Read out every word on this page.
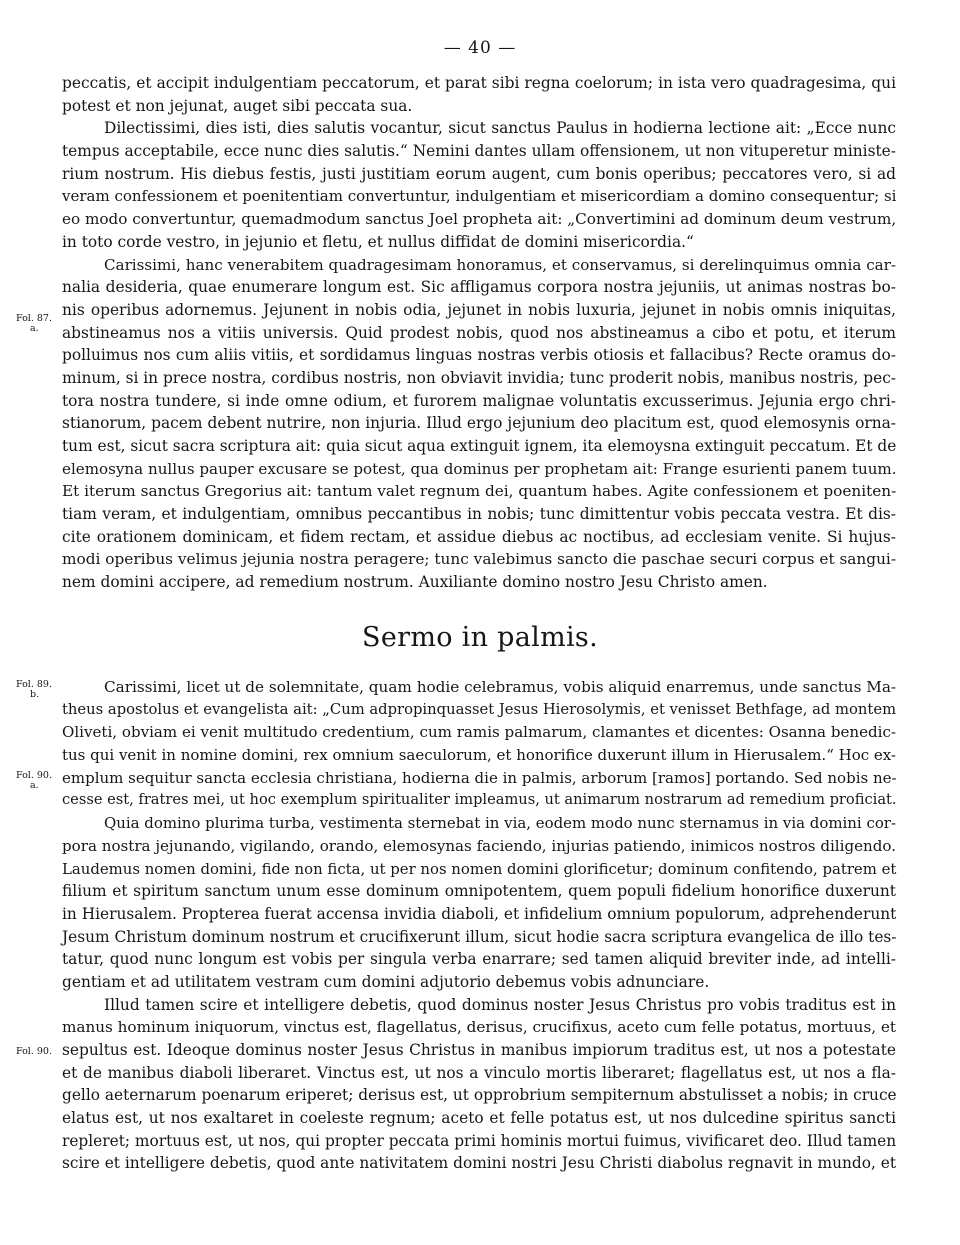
— 40 —
peccatis, et accipit indulgentiam peccatorum, et parat sibi regna coelorum; in ista vero quadragesima, qui
potest et non jejunat, auget sibi peccata sua.
Dilectissimi, dies isti, dies salutis vocantur, sicut sanctus Paulus in hodierna lectione ait: „Ecce nunc
tempus acceptabile, ecce nunc dies salutis.“ Nemini dantes ullam offensionem, ut non vituperetur ministe-
rium nostrum. His diebus festis, justi justitiam eorum augent, cum bonis operibus; peccatores vero, si ad
veram confessionem et poenitentiam convertuntur, indulgentiam et misericordiam a domino consequentur; si
eo modo convertuntur, quemadmodum sanctus Joel propheta ait: „Convertimini ad dominum deum vestrum,
in toto corde vestro, in jejunio et fletu, et nullus diffidat de domini misericordia.“
Carissimi, hanc venerabitem quadragesimam honoramus, et conservamus, si derelinquimus omnia car-
nalia desideria, quae enumerare longum est. Sic affligamus corpora nostra jejuniis, ut animas nostras bo-
nis operibus adornemus. Jejunent in nobis odia, jejunet in nobis luxuria, jejunet in nobis omnis iniquitas,
abstineamus nos a vitiis universis. Quid prodest nobis, quod nos abstineamus a cibo et potu, et iterum
polluimus nos cum aliis vitiis, et sordidamus linguas nostras verbis otiosis et fallacibus? Recte oramus do-
minum, si in prece nostra, cordibus nostris, non obviavit invidia; tunc proderit nobis, manibus nostris, pec-
tora nostra tundere, si inde omne odium, et furorem malignae voluntatis excusserimus. Jejunia ergo chri-
stianorum, pacem debent nutrire, non injuria. Illud ergo jejunium deo placitum est, quod elemosynis orna-
tum est, sicut sacra scriptura ait: quia sicut aqua extinguit ignem, ita elemoysna extinguit peccatum. Et de
elemosyna nullus pauper excusare se potest, qua dominus per prophetam ait: Frange esurienti panem tuum.
Et iterum sanctus Gregorius ait: tantum valet regnum dei, quantum habes. Agite confessionem et poeniten-
tiam veram, et indulgentiam, omnibus peccantibus in nobis; tunc dimittentur vobis peccata vestra. Et dis-
cite orationem dominicam, et fidem rectam, et assidue diebus ac noctibus, ad ecclesiam venite. Si hujus-
modi operibus velimus jejunia nostra peragere; tunc valebimus sancto die paschae securi corpus et sangui-
nem domini accipere, ad remedium nostrum. Auxiliante domino nostro Jesu Christo amen.
Sermo in palmis.
Carissimi, licet ut de solemnitate, quam hodie celebramus, vobis aliquid enarremus, unde sanctus Ma-
theus apostolus et evangelista ait: „Cum adpropinquasset Jesus Hierosolymis, et venisset Bethfage, ad montem
Oliveti, obviam ei venit multitudo credentium, cum ramis palmarum, clamantes et dicentes: Osanna benedic-
tus qui venit in nomine domini, rex omnium saeculorum, et honorifice duxerunt illum in Hierusalem.“ Hoc ex-
emplum sequitur sancta ecclesia christiana, hodierna die in palmis, arborum [ramos] portando. Sed nobis ne-
cesse est, fratres mei, ut hoc exemplum spiritualiter impleamus, ut animarum nostrarum ad remedium proficiat.
Quia domino plurima turba, vestimenta sternebat in via, eodem modo nunc sternamus in via domini cor-
pora nostra jejunando, vigilando, orando, elemosynas faciendo, injurias patiendo, inimicos nostros diligendo.
Laudemus nomen domini, fide non ficta, ut per nos nomen domini glorificetur; dominum confitendo, patrem et
filium et spiritum sanctum unum esse dominum omnipotentem, quem populi fidelium honorifice duxerunt
in Hierusalem. Propterea fuerat accensa invidia diaboli, et infidelium omnium populorum, adprehenderunt
Jesum Christum dominum nostrum et crucifixerunt illum, sicut hodie sacra scriptura evangelica de illo tes-
tatur, quod nunc longum est vobis per singula verba enarrare; sed tamen aliquid breviter inde, ad intelli-
gentiam et ad utilitatem vestram cum domini adjutorio debemus vobis adnunciare.
Illud tamen scire et intelligere debetis, quod dominus noster Jesus Christus pro vobis traditus est in
manus hominum iniquorum, vinctus est, flagellatus, derisus, crucifixus, aceto cum felle potatus, mortuus, et
sepultus est. Ideoque dominus noster Jesus Christus in manibus impiorum traditus est, ut nos a potestate
et de manibus diaboli liberaret. Vinctus est, ut nos a vinculo mortis liberaret; flagellatus est, ut nos a fla-
gello aeternarum poenarum eriperet; derisus est, ut opprobrium sempiternum abstulisset a nobis; in cruce
elatus est, ut nos exaltaret in coeleste regnum; aceto et felle potatus est, ut nos dulcedine spiritus sancti
repleret; mortuus est, ut nos, qui propter peccata primi hominis mortui fuimus, vivificaret deo. Illud tamen
scire et intelligere debetis, quod ante nativitatem domini nostri Jesu Christi diabolus regnavit in mundo, et
Fol. 87.
a.
Fol. 89.
b.
Fol. 90.
a.
Fol. 90.
